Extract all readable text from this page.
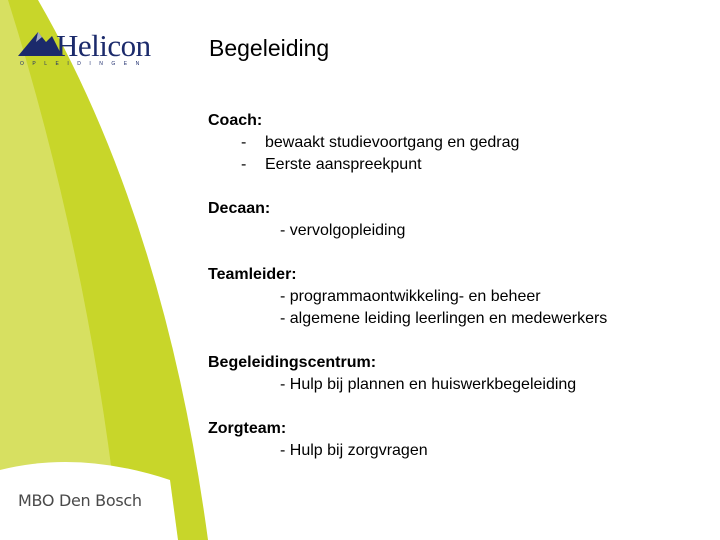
Helicon
OPLEIDINGEN
MBO Den Bosch
Begeleiding
Coach:
- bewaakt studievoortgang en gedrag
- Eerste aanspreekpunt
Decaan:
- vervolgopleiding
Teamleider:
- programmaontwikkeling- en beheer
- algemene leiding leerlingen en medewerkers
Begeleidingscentrum:
- Hulp bij plannen en huiswerkbegeleiding
Zorgteam:
- Hulp bij zorgvragen
